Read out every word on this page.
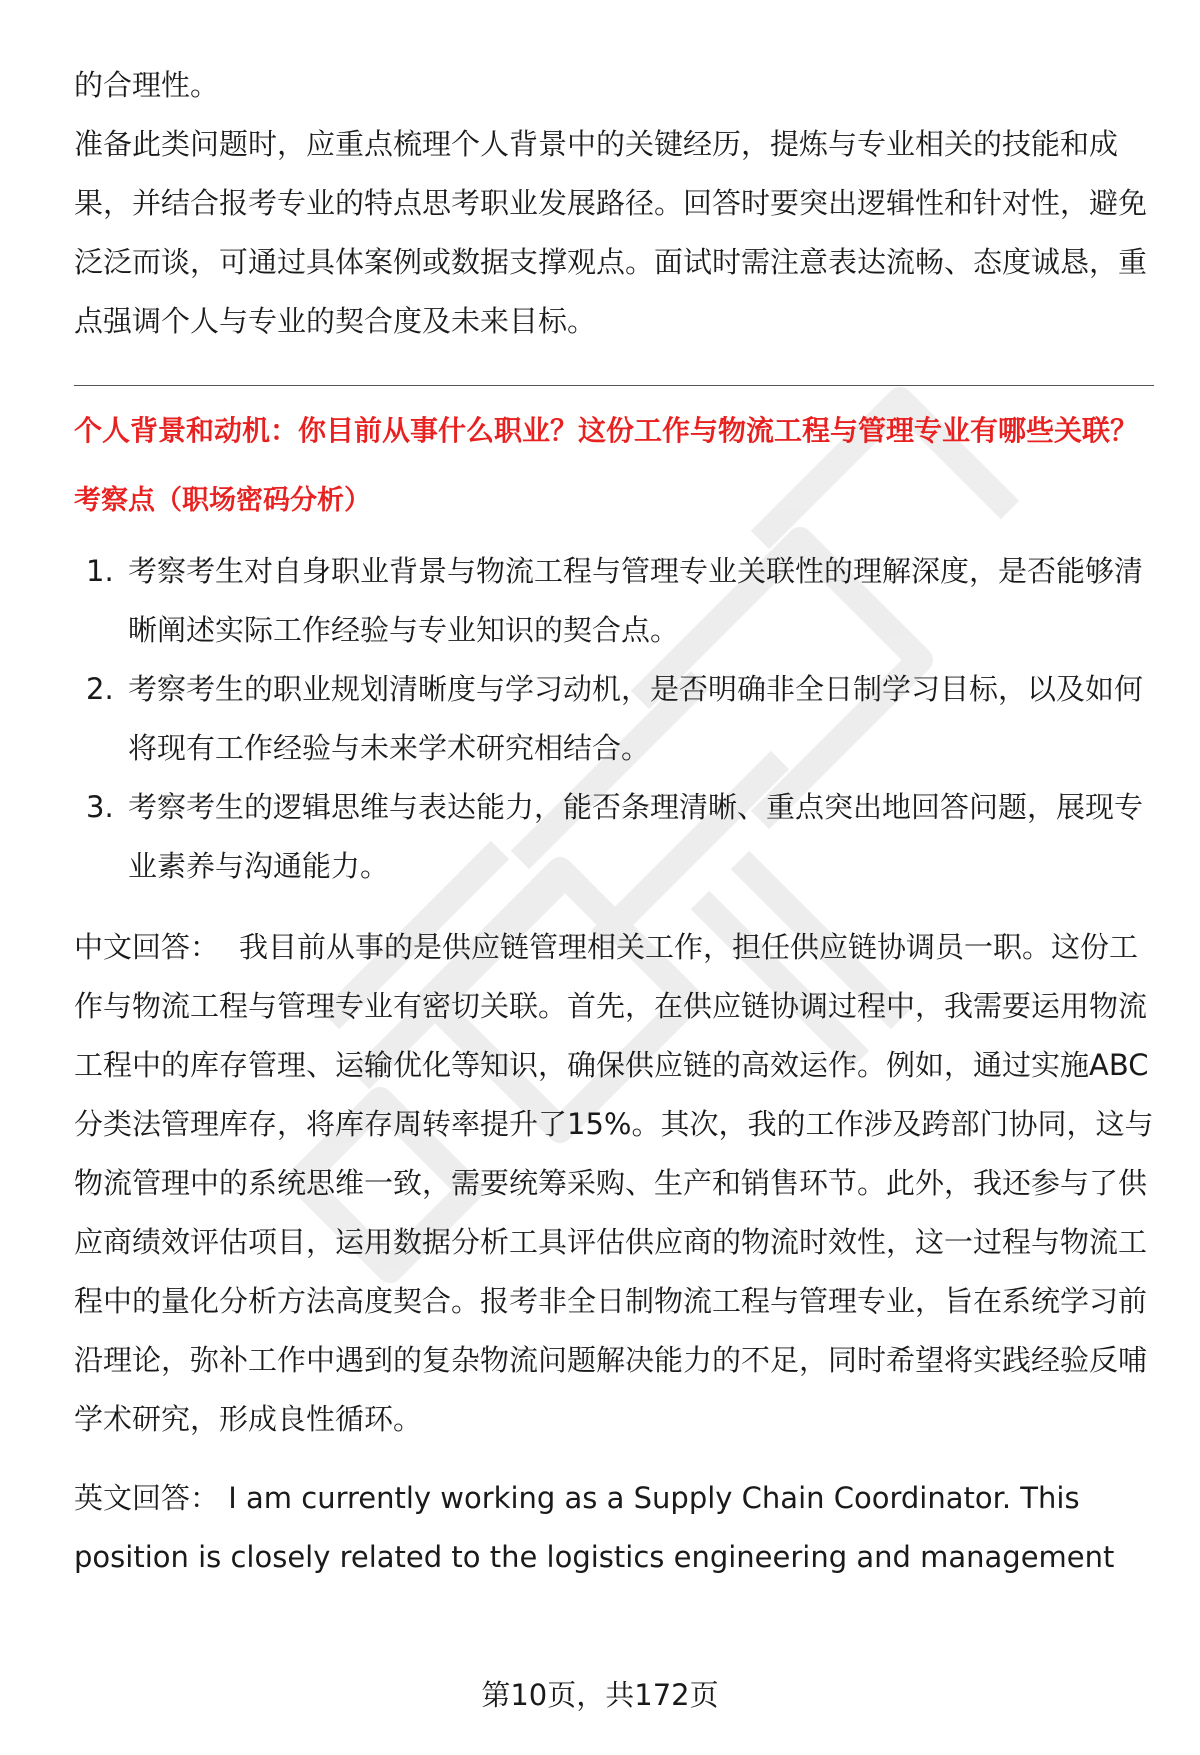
的合理性。

准备此类问题时，应重点梳理个人背景中的关键经历，提炼与专业相关的技能和成果，并结合报考专业的特点思考职业发展路径。回答时要突出逻辑性和针对性，避免泛泛而谈，可通过具体案例或数据支撑观点。面试时需注意表达流畅、态度诚恳，重点强调个人与专业的契合度及未来目标。

个人背景和动机：你目前从事什么职业？这份工作与物流工程与管理专业有哪些关联？

考察点（职场密码分析）

1. 考察考生对自身职业背景与物流工程与管理专业关联性的理解深度，是否能够清晰阐述实际工作经验与专业知识的契合点。
2. 考察考生的职业规划清晰度与学习动机，是否明确非全日制学习目标，以及如何将现有工作经验与未来学术研究相结合。
3. 考察考生的逻辑思维与表达能力，能否条理清晰、重点突出地回答问题，展现专业素养与沟通能力。

中文回答： 我目前从事的是供应链管理相关工作，担任供应链协调员一职。这份工作与物流工程与管理专业有密切关联。首先，在供应链协调过程中，我需要运用物流工程中的库存管理、运输优化等知识，确保供应链的高效运作。例如，通过实施ABC分类法管理库存，将库存周转率提升了15%。其次，我的工作涉及跨部门协同，这与物流管理中的系统思维一致，需要统筹采购、生产和销售环节。此外，我还参与了供应商绩效评估项目，运用数据分析工具评估供应商的物流时效性，这一过程与物流工程中的量化分析方法高度契合。报考非全日制物流工程与管理专业，旨在系统学习前沿理论，弥补工作中遇到的复杂物流问题解决能力的不足，同时希望将实践经验反哺学术研究，形成良性循环。

英文回答： I am currently working as a Supply Chain Coordinator. This position is closely related to the logistics engineering and management

第10页，共172页
